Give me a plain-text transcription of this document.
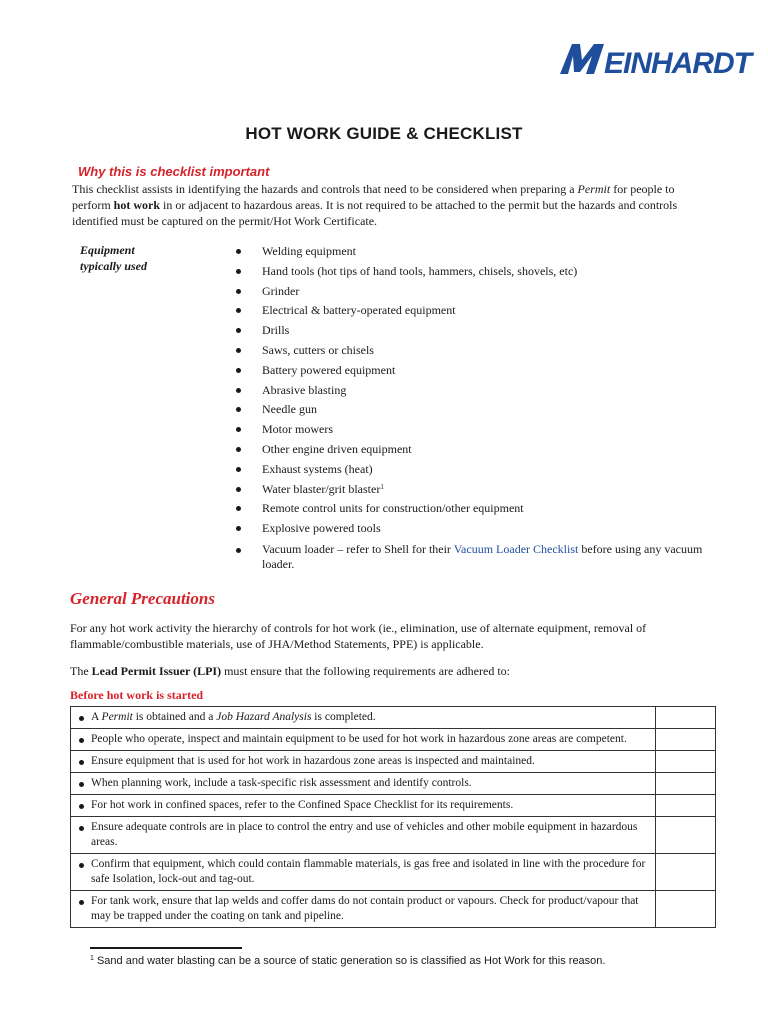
EINHARDT
HOT WORK GUIDE & CHECKLIST
Why this is checklist important
This checklist assists in identifying the hazards and controls that need to be considered when preparing a Permit for people to perform hot work in or adjacent to hazardous areas. It is not required to be attached to the permit but the hazards and controls identified must be captured on the permit/Hot Work Certificate.
Equipment
typically used
Welding equipment
Hand tools (hot tips of hand tools, hammers, chisels, shovels, etc)
Grinder
Electrical & battery-operated equipment
Drills
Saws, cutters or chisels
Battery powered equipment
Abrasive blasting
Needle gun
Motor mowers
Other engine driven equipment
Exhaust systems (heat)
Water blaster/grit blaster$^1$
Remote control units for construction/other equipment
Explosive powered tools
Vacuum loader – refer to Shell for their Vacuum Loader Checklist before using any vacuum loader.
General Precautions
For any hot work activity the hierarchy of controls for hot work (ie., elimination, use of alternate equipment, removal of flammable/combustible materials, use of JHA/Method Statements, PPE) is applicable.
The Lead Permit Issuer (LPI) must ensure that the following requirements are adhered to:
Before hot work is started
A Permit is obtained and a Job Hazard Analysis is completed.	

People who operate, inspect and maintain equipment to be used for hot work in hazardous zone areas are competent.	

Ensure equipment that is used for hot work in hazardous zone areas is inspected and maintained.	

When planning work, include a task-specific risk assessment and identify controls.	

For hot work in confined spaces, refer to the Confined Space Checklist for its requirements.	

Ensure adequate controls are in place to control the entry and use of vehicles and other mobile equipment in hazardous areas.	

Confirm that equipment, which could contain flammable materials, is gas free and isolated in line with the procedure for safe Isolation, lock-out and tag-out.	

For tank work, ensure that lap welds and coffer dams do not contain product or vapours. Check for product/vapour that may be trapped under the coating on tank and pipeline.	
$^1$ Sand and water blasting can be a source of static generation so is classified as Hot Work for this reason.
